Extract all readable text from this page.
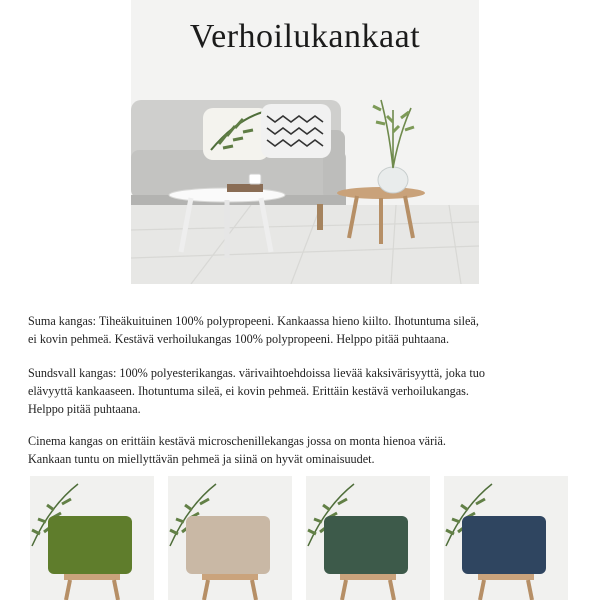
Verhoilukankaat
Suma kangas: Tiheäkuituinen 100% polypropeeni. Kankaassa hieno kiilto. Ihotuntuma sileä,
ei kovin pehmeä. Kestävä verhoilukangas 100% polypropeeni. Helppo pitää puhtaana.
Sundsvall kangas: 100% polyesterikangas. värivaihtoehdoissa lievää kaksivärisyyttä, joka tuo
elävyyttä kankaaseen. Ihotuntuma sileä, ei kovin pehmeä. Erittäin kestävä verhoilukangas.
Helppo pitää puhtaana.
Cinema kangas on erittäin kestävä microschenillekangas jossa on monta hienoa väriä.
Kankaan tuntu on miellyttävän pehmeä ja siinä on hyvät ominaisuudet.
